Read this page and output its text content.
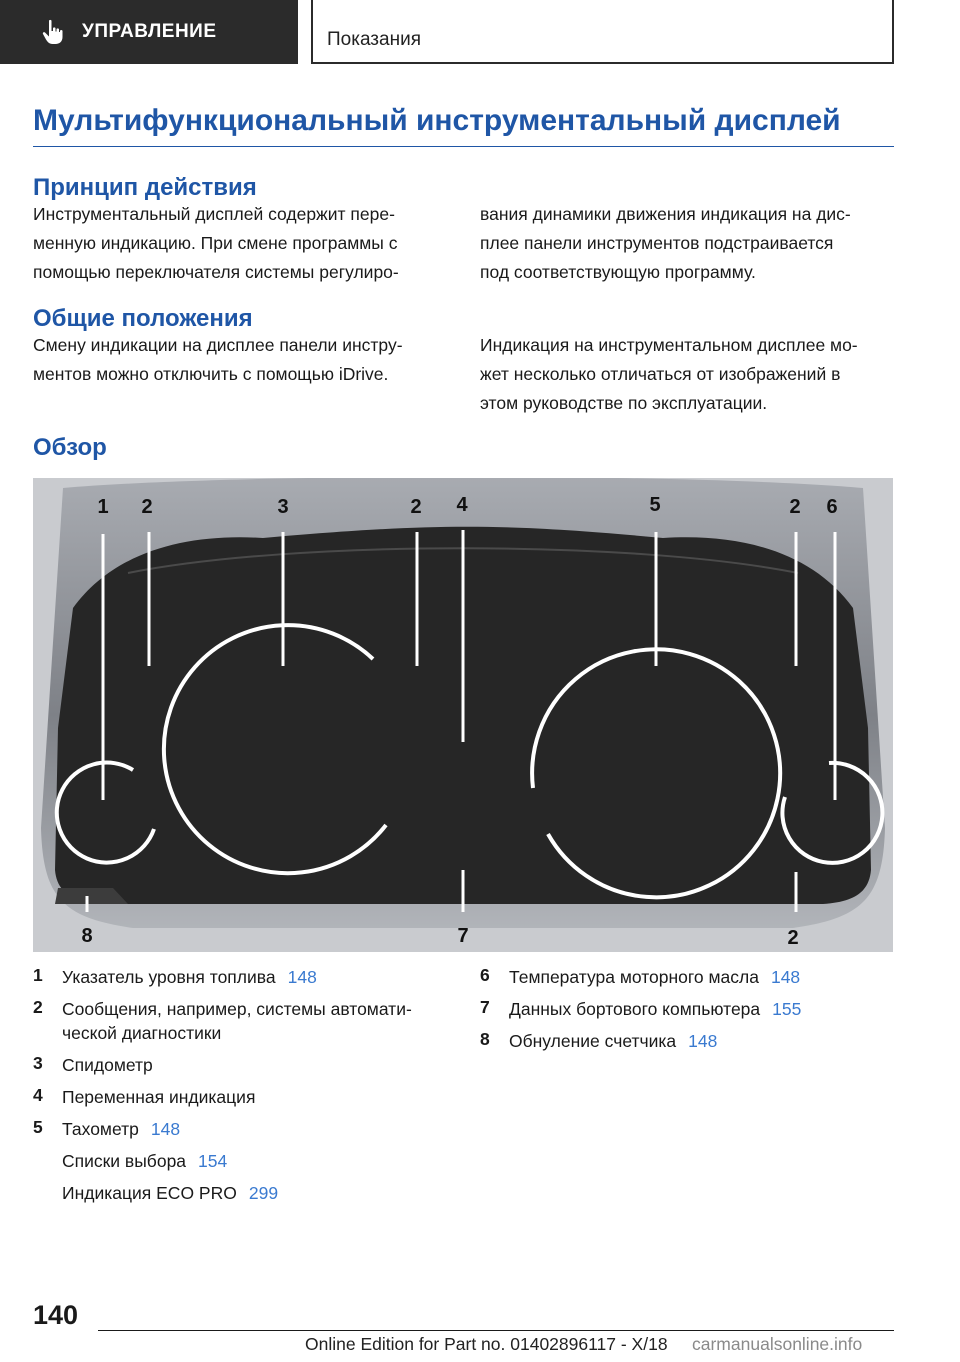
УПРАВЛЕНИЕ	Показания
Мультифункциональный инструментальный дисплей
Принцип действия
Инструментальный дисплей содержит пере-
менную индикацию. При смене программы с
помощью переключателя системы регулиро-
вания динамики движения индикация на дис-
плее панели инструментов подстраивается
под соответствующую программу.
Общие положения
Смену индикации на дисплее панели инстру-
ментов можно отключить с помощью iDrive.
Индикация на инструментальном дисплее мо-
жет несколько отличаться от изображений в
этом руководстве по эксплуатации.
Обзор
1 2	3	2 4	5	2 6
8	7	2
1 Указатель уровня топлива 148
2 Сообщения, например, системы автомати-
ческой диагностики
3 Спидометр
4 Переменная индикация
5 Тахометр 148
Списки выбора 154
Индикация ECO PRO 299
6 Температура моторного масла 148
7 Данных бортового компьютера 155
8 Обнуление счетчика 148
140
Online Edition for Part no. 01402896117 - X/18 carmanualsonline.info
